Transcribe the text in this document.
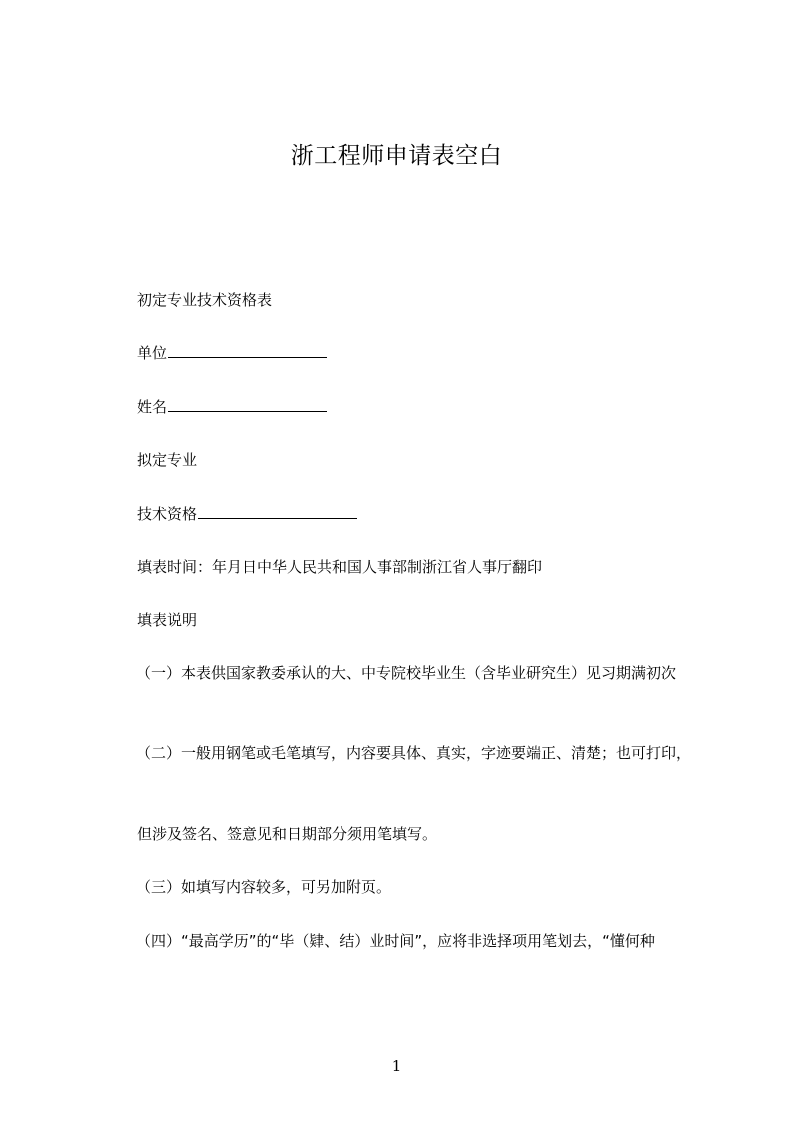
浙工程师申请表空白
初定专业技术资格表
单位
姓名
拟定专业
技术资格
填表时间：年月日中华人民共和国人事部制浙江省人事厅翻印
填表说明

（一）本表供国家教委承认的大、中专院校毕业生（含毕业研究生）见习期满初次

（二）一般用钢笔或毛笔填写，内容要具体、真实，字迹要端正、清楚；也可打印，

但涉及签名、签意见和日期部分须用笔填写。

（三）如填写内容较多，可另加附页。

（四）“最高学历”的“毕（肄、结）业时间”，应将非选择项用笔划去，“懂何种

1
